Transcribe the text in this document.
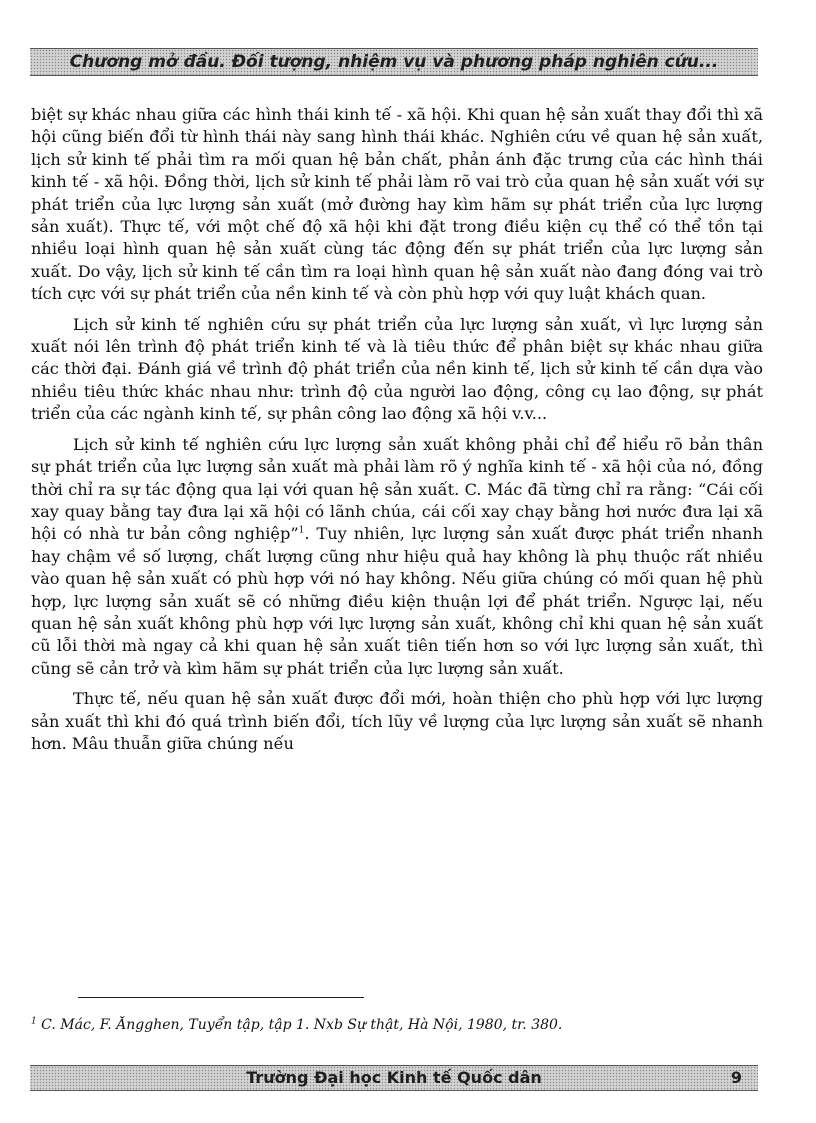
Chương mở đầu. Đối tượng, nhiệm vụ và phương pháp nghiên cứu...

biệt sự khác nhau giữa các hình thái kinh tế - xã hội. Khi quan hệ sản xuất thay đổi thì xã hội cũng biến đổi từ hình thái này sang hình thái khác. Nghiên cứu về quan hệ sản xuất, lịch sử kinh tế phải tìm ra mối quan hệ bản chất, phản ánh đặc trưng của các hình thái kinh tế - xã hội. Đồng thời, lịch sử kinh tế phải làm rõ vai trò của quan hệ sản xuất với sự phát triển của lực lượng sản xuất (mở đường hay kìm hãm sự phát triển của lực lượng sản xuất). Thực tế, với một chế độ xã hội khi đặt trong điều kiện cụ thể có thể tồn tại nhiều loại hình quan hệ sản xuất cùng tác động đến sự phát triển của lực lượng sản xuất. Do vậy, lịch sử kinh tế cần tìm ra loại hình quan hệ sản xuất nào đang đóng vai trò tích cực với sự phát triển của nền kinh tế và còn phù hợp với quy luật khách quan.

Lịch sử kinh tế nghiên cứu sự phát triển của lực lượng sản xuất, vì lực lượng sản xuất nói lên trình độ phát triển kinh tế và là tiêu thức để phân biệt sự khác nhau giữa các thời đại. Đánh giá về trình độ phát triển của nền kinh tế, lịch sử kinh tế cần dựa vào nhiều tiêu thức khác nhau như: trình độ của người lao động, công cụ lao động, sự phát triển của các ngành kinh tế, sự phân công lao động xã hội v.v...

Lịch sử kinh tế nghiên cứu lực lượng sản xuất không phải chỉ để hiểu rõ bản thân sự phát triển của lực lượng sản xuất mà phải làm rõ ý nghĩa kinh tế - xã hội của nó, đồng thời chỉ ra sự tác động qua lại với quan hệ sản xuất. C. Mác đã từng chỉ ra rằng: “Cái cối xay quay bằng tay đưa lại xã hội có lãnh chúa, cái cối xay chạy bằng hơi nước đưa lại xã hội có nhà tư bản công nghiệp”$^1$. Tuy nhiên, lực lượng sản xuất được phát triển nhanh hay chậm về số lượng, chất lượng cũng như hiệu quả hay không là phụ thuộc rất nhiều vào quan hệ sản xuất có phù hợp với nó hay không. Nếu giữa chúng có mối quan hệ phù hợp, lực lượng sản xuất sẽ có những điều kiện thuận lợi để phát triển. Ngược lại, nếu quan hệ sản xuất không phù hợp với lực lượng sản xuất, không chỉ khi quan hệ sản xuất cũ lỗi thời mà ngay cả khi quan hệ sản xuất tiên tiến hơn so với lực lượng sản xuất, thì cũng sẽ cản trở và kìm hãm sự phát triển của lực lượng sản xuất.

Thực tế, nếu quan hệ sản xuất được đổi mới, hoàn thiện cho phù hợp với lực lượng sản xuất thì khi đó quá trình biến đổi, tích lũy về lượng của lực lượng sản xuất sẽ nhanh hơn. Mâu thuẫn giữa chúng nếu

$^1$ C. Mác, F. Ăngghen, Tuyển tập, tập 1. Nxb Sự thật, Hà Nội, 1980, tr. 380.
Trường Đại học Kinh tế Quốc dân	9
